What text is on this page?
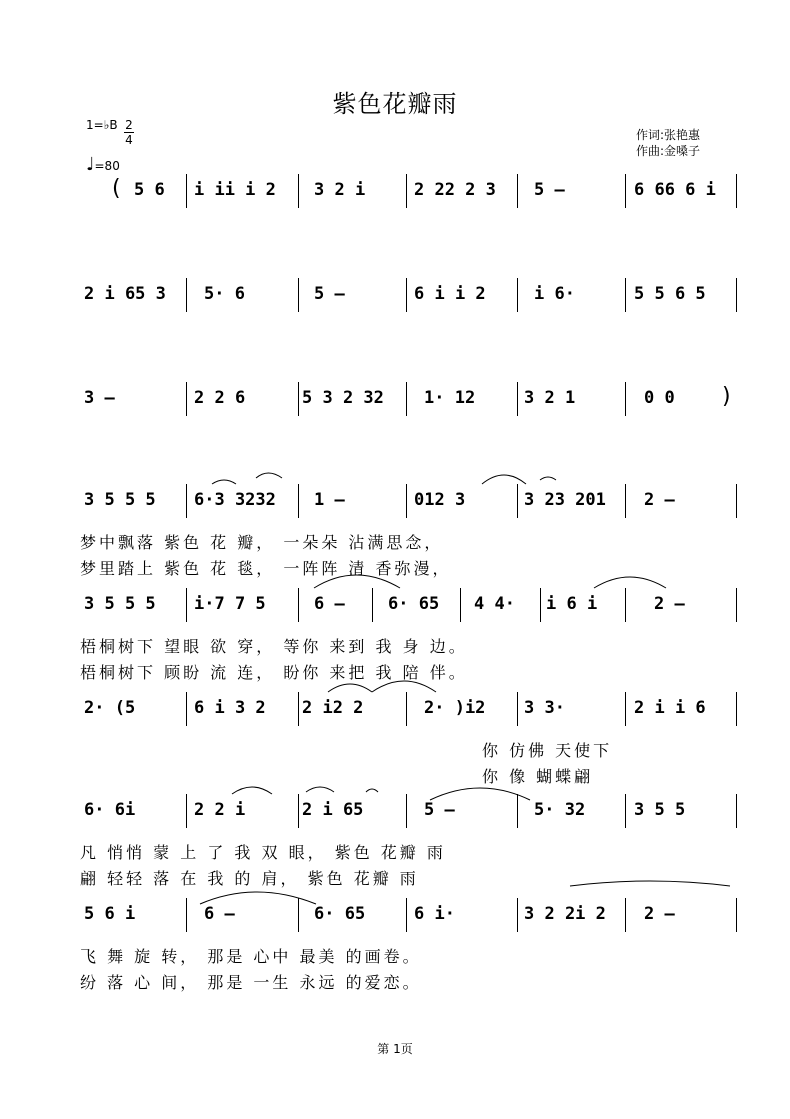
紫色花瓣雨
1=♭B 2
4
♩=80
作词:张艳惠
作曲:金嗓子
( 5 6 i ii i 2 3 2 i	2 22 2 3 5 –	6 66 6 i
2 i 65 3 5· 6	5 –	6 i i 2	i 6·	5 5 6 5
3 –	2 2 6	5 3 2 32 1· 12	3 2 1	0 0 )
3 5 5 5 6·3 3232 1 –	012 3	3 23 201 2 –
梦中飘落 紫色 花 瓣， 一朵朵 沾满思念，
梦里踏上 紫色 花 毯， 一阵阵 清 香弥漫，
3 5 5 5 i·7 7 5	6 –	6· 65 4 4· i 6 i	2 –
梧桐树下 望眼 欲 穿， 等你 来到 我 身 边。
梧桐树下 顾盼 流 连， 盼你 来把 我 陪 伴。
2· (5	6 i 3 2 2 i2 2	2· )i2 3 3·	2 i i 6
你 仿佛 天使下
你 像 蝴蝶翩
6· 6i	2 2 i	2 i 65	5 –	5· 32	3 5 5
凡 悄悄 蒙 上 了 我 双 眼， 紫色 花瓣 雨
翩 轻轻 落 在 我 的 肩， 紫色 花瓣 雨
5 6 i	6 –	6· 65	6 i·	3 2 2i 2 2 –
飞 舞 旋 转， 那是 心中 最美 的画卷。
纷 落 心 间， 那是 一生 永远 的爱恋。
第 1页
